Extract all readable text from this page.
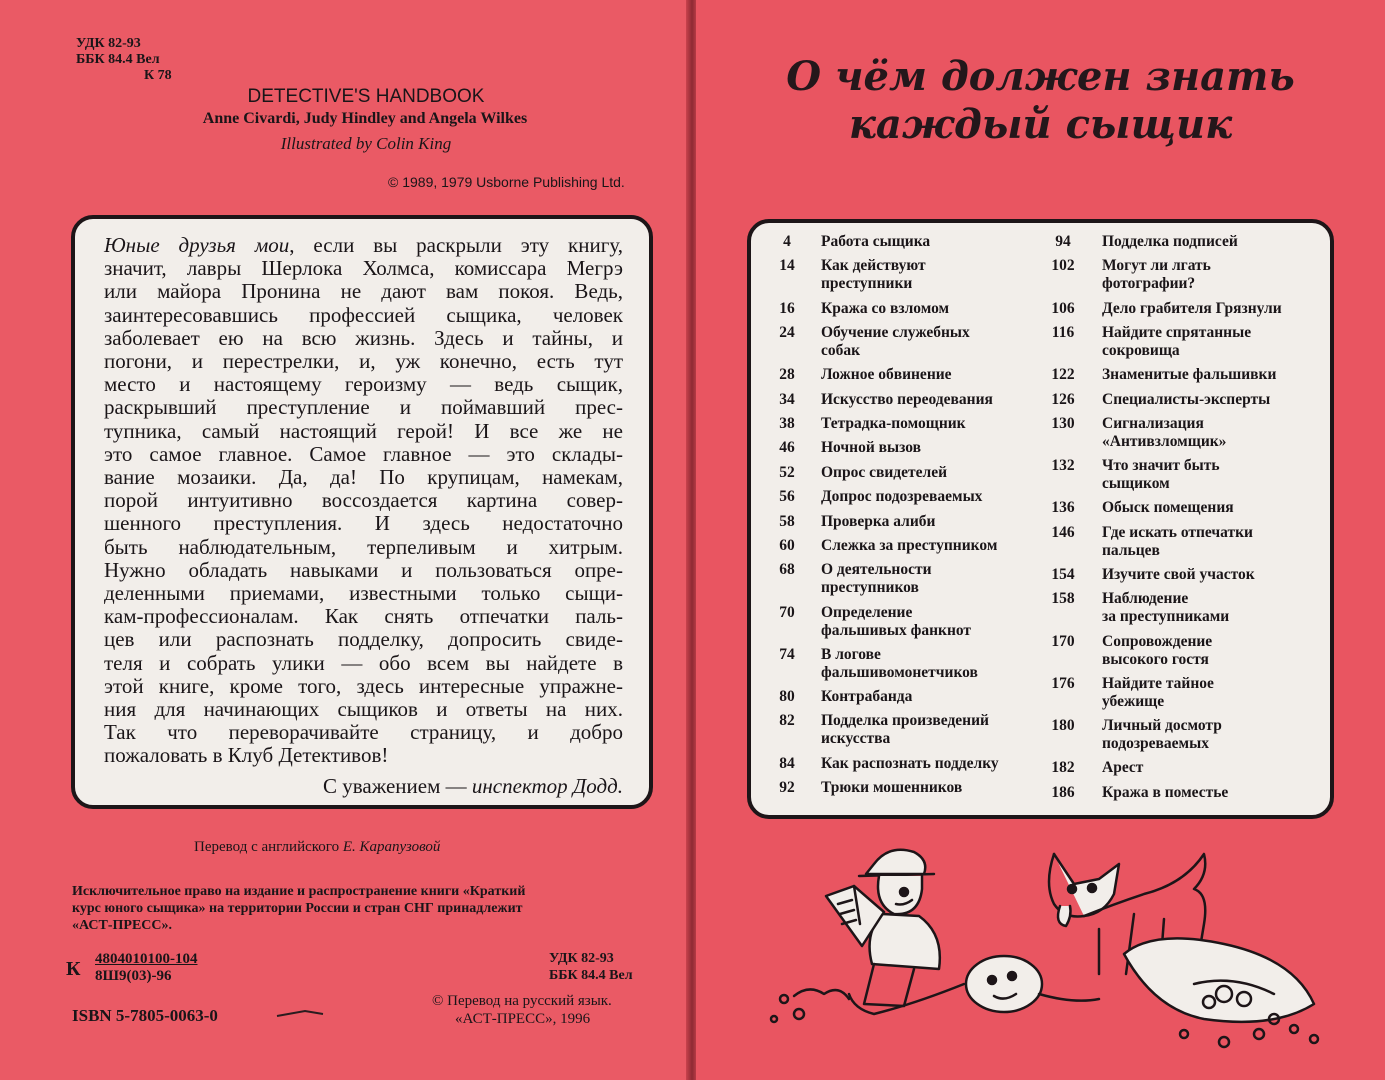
УДК 82-93
ББК 84.4 Вел
К 78
DETECTIVE'S HANDBOOK
Anne Civardi, Judy Hindley and Angela Wilkes
Illustrated by Colin King
© 1989, 1979 Usborne Publishing Ltd.

Юные друзья мои, если вы раскрыли эту книгу,

значит, лавры Шерлока Холмса, комиссара Мегрэ

или майора Пронина не дают вам покоя. Ведь,

заинтересовавшись профессией сыщика, человек

заболевает ею на всю жизнь. Здесь и тайны, и

погони, и перестрелки, и, уж конечно, есть тут

место и настоящему героизму — ведь сыщик,

раскрывший преступление и поймавший прес-

тупника, самый настоящий герой! И все же не

это самое главное. Самое главное — это склады-

вание мозаики. Да, да! По крупицам, намекам,

порой интуитивно воссоздается картина совер-

шенного преступления. И здесь недостаточно

быть наблюдательным, терпеливым и хитрым.

Нужно обладать навыками и пользоваться опре-

деленными приемами, известными только сыщи-

кам-профессионалам. Как снять отпечатки паль-

цев или распознать подделку, допросить свиде-

теля и собрать улики — обо всем вы найдете в

этой книге, кроме того, здесь интересные упражне-

ния для начинающих сыщиков и ответы на них.

Так что переворачивайте страницу, и добро

пожаловать в Клуб Детективов!

С уважением — инспектор Додд.
Перевод с английского Е. Карапузовой
Исключительное право на издание и распространение книги «Краткий
курс юного сыщика» на территории России и стран СНГ принадлежит
«АСТ-ПРЕСС».
К 4804010100-104
8Ш9(03)-96
УДК 82-93
ББК 84.4 Вел
ISBN 5-7805-0063-0
© Перевод на русский язык.
«АСТ-ПРЕСС», 1996
О чём должен знать
каждый сыщик
4	Работа сыщика
14	Как действуют
преступники
16	Кража со взломом
24	Обучение служебных
собак
28	Ложное обвинение
34	Искусство переодевания
38	Тетрадка-помощник
46	Ночной вызов
52	Опрос свидетелей
56	Допрос подозреваемых
58	Проверка алиби
60	Слежка за преступником
68	О деятельности
преступников
70	Определение
фальшивых фанкнот
74	В логове
фальшивомонетчиков
80	Контрабанда
82	Подделка произведений
искусства
84	Как распознать подделку
92	Трюки мошенников
94	Подделка подписей
102	Могут ли лгать
фотографии?
106	Дело грабителя Грязнули
116	Найдите спрятанные
сокровища
122	Знаменитые фальшивки
126	Специалисты-эксперты
130	Сигнализация
«Антивзломщик»
132	Что значит быть
сыщиком
136	Обыск помещения
146	Где искать отпечатки
пальцев
154	Изучите свой участок
158	Наблюдение
за преступниками
170	Сопровождение
высокого гостя
176	Найдите тайное
убежище
180	Личный досмотр
подозреваемых
182	Арест
186	Кража в поместье
